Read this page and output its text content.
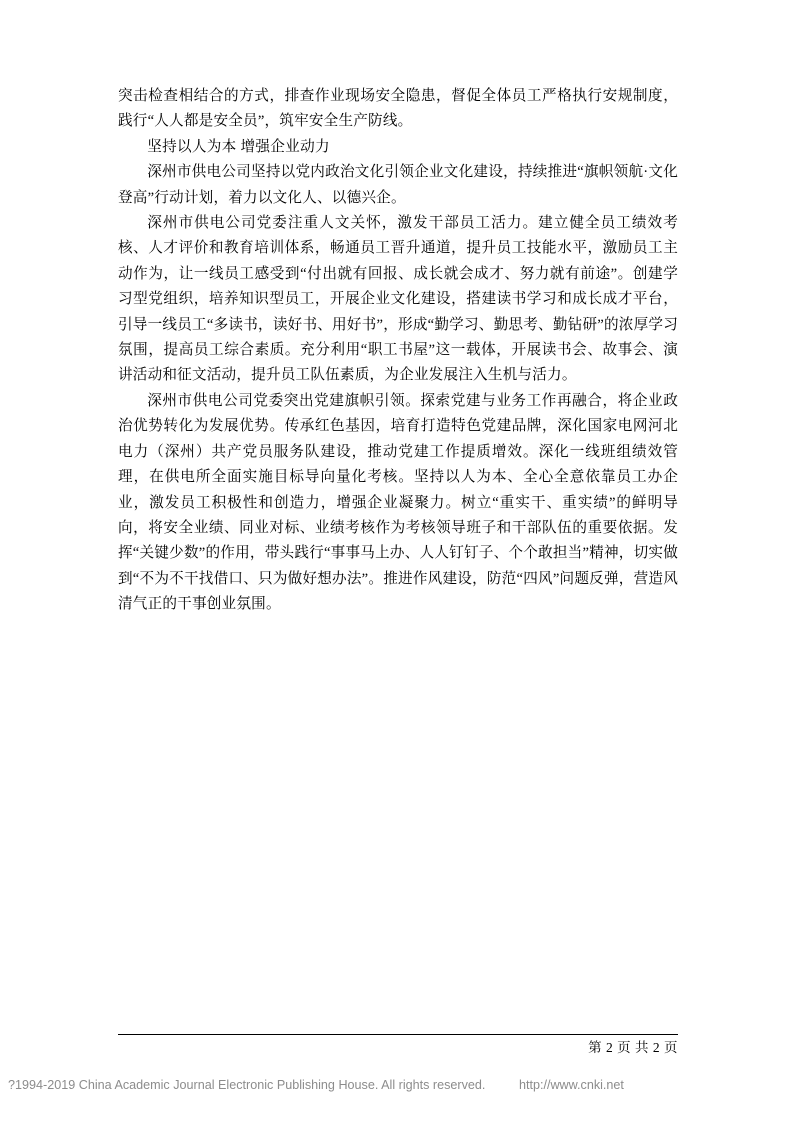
突击检查相结合的方式，排查作业现场安全隐患，督促全体员工严格执行安规制度，践行“人人都是安全员”，筑牢安全生产防线。

坚持以人为本 增强企业动力

深州市供电公司坚持以党内政治文化引领企业文化建设，持续推进“旗帜领航·文化登高”行动计划，着力以文化人、以德兴企。

深州市供电公司党委注重人文关怀，激发干部员工活力。建立健全员工绩效考核、人才评价和教育培训体系，畅通员工晋升通道，提升员工技能水平，激励员工主动作为，让一线员工感受到“付出就有回报、成长就会成才、努力就有前途”。创建学习型党组织，培养知识型员工，开展企业文化建设，搭建读书学习和成长成才平台，引导一线员工“多读书，读好书、用好书”，形成“勤学习、勤思考、勤钻研”的浓厚学习氛围，提高员工综合素质。充分利用“职工书屋”这一载体，开展读书会、故事会、演讲活动和征文活动，提升员工队伍素质，为企业发展注入生机与活力。

深州市供电公司党委突出党建旗帜引领。探索党建与业务工作再融合，将企业政治优势转化为发展优势。传承红色基因，培育打造特色党建品牌，深化国家电网河北电力（深州）共产党员服务队建设，推动党建工作提质增效。深化一线班组绩效管理，在供电所全面实施目标导向量化考核。坚持以人为本、全心全意依靠员工办企业，激发员工积极性和创造力，增强企业凝聚力。树立“重实干、重实绩”的鲜明导向，将安全业绩、同业对标、业绩考核作为考核领导班子和干部队伍的重要依据。发挥“关键少数”的作用，带头践行“事事马上办、人人钉钉子、个个敢担当”精神，切实做到“不为不干找借口、只为做好想办法”。推进作风建设，防范“四风”问题反弹，营造风清气正的干事创业氛围。

第 2 页 共 2 页
?1994-2019 China Academic Journal Electronic Publishing House. All rights reserved.	http://www.cnki.net
